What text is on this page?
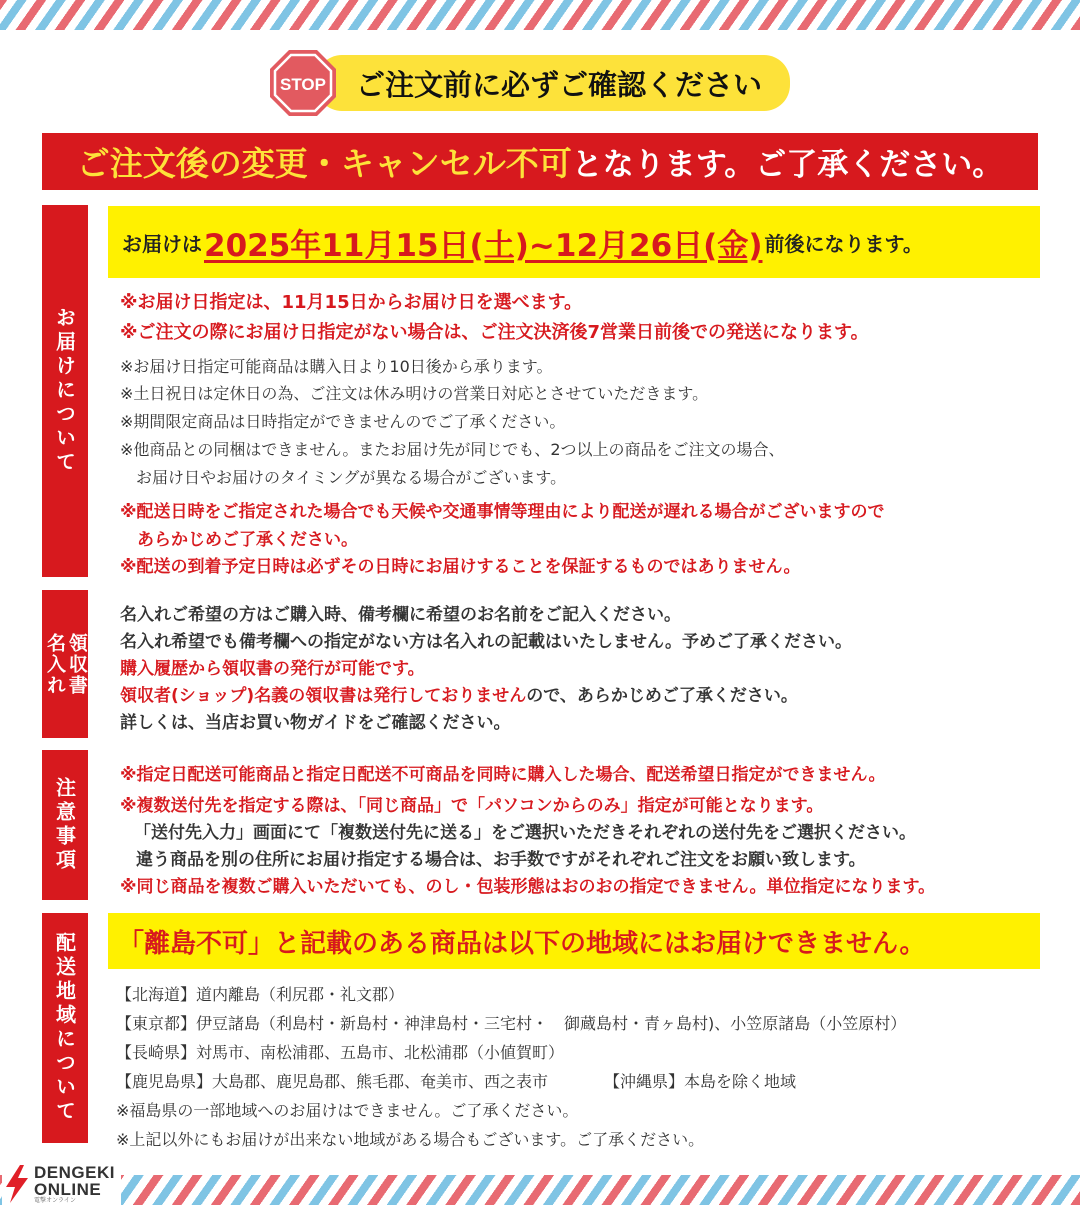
STOP	ご注文前に必ずご確認ください
ご注文後の変更・キャンセル不可 となります。ご了承ください。
お届けについて
お届けは 2025年11月15日(土)~12月26日(金) 前後になります。
※お届け日指定は、11月15日からお届け日を選べます。
※ご注文の際にお届け日指定がない場合は、ご注文決済後7営業日前後での発送になります。
※お届け日指定可能商品は購入日より10日後から承ります。
※土日祝日は定休日の為、ご注文は休み明けの営業日対応とさせていただきます。
※期間限定商品は日時指定ができませんのでご了承ください。
※他商品との同梱はできません。またお届け先が同じでも、2つ以上の商品をご注文の場合、
　お届け日やお届けのタイミングが異なる場合がございます。
※配送日時をご指定された場合でも天候や交通事情等理由により配送が遅れる場合がございますので
　あらかじめご了承ください。
※配送の到着予定日時は必ずその日時にお届けすることを保証するものではありません。
名入れ 領収書
名入れご希望の方はご購入時、備考欄に希望のお名前をご記入ください。
名入れ希望でも備考欄への指定がない方は名入れの記載はいたしません。予めご了承ください。
購入履歴から領収書の発行が可能です。
領収者(ショップ)名義の領収書は発行しておりませんので、あらかじめご了承ください。
詳しくは、当店お買い物ガイドをご確認ください。
注意事項
※指定日配送可能商品と指定日配送不可商品を同時に購入した場合、配送希望日指定ができません。
※複数送付先を指定する際は、「同じ商品」で「パソコンからのみ」指定が可能となります。
「送付先入力」画面にて「複数送付先に送る」をご選択いただきそれぞれの送付先をご選択ください。
違う商品を別の住所にお届け指定する場合は、お手数ですがそれぞれご注文をお願い致します。
※同じ商品を複数ご購入いただいても、のし・包装形態はおのおの指定できません。単位指定になります。
配送地域について	「離島不可」と記載のある商品は以下の地域にはお届けできません。
【北海道】道内離島（利尻郡・礼文郡）
【東京都】伊豆諸島（利島村・新島村・神津島村・三宅村・　御蔵島村・青ヶ島村)、小笠原諸島（小笠原村）
【長崎県】対馬市、南松浦郡、五島市、北松浦郡（小値賀町）
【鹿児島県】大島郡、鹿児島郡、熊毛郡、奄美市、西之表市	【沖縄県】本島を除く地域
※福島県の一部地域へのお届けはできません。ご了承ください。
※上記以外にもお届けが出来ない地域がある場合もございます。ご了承ください。
DENGEKI
ONLINE
電撃オンライン
